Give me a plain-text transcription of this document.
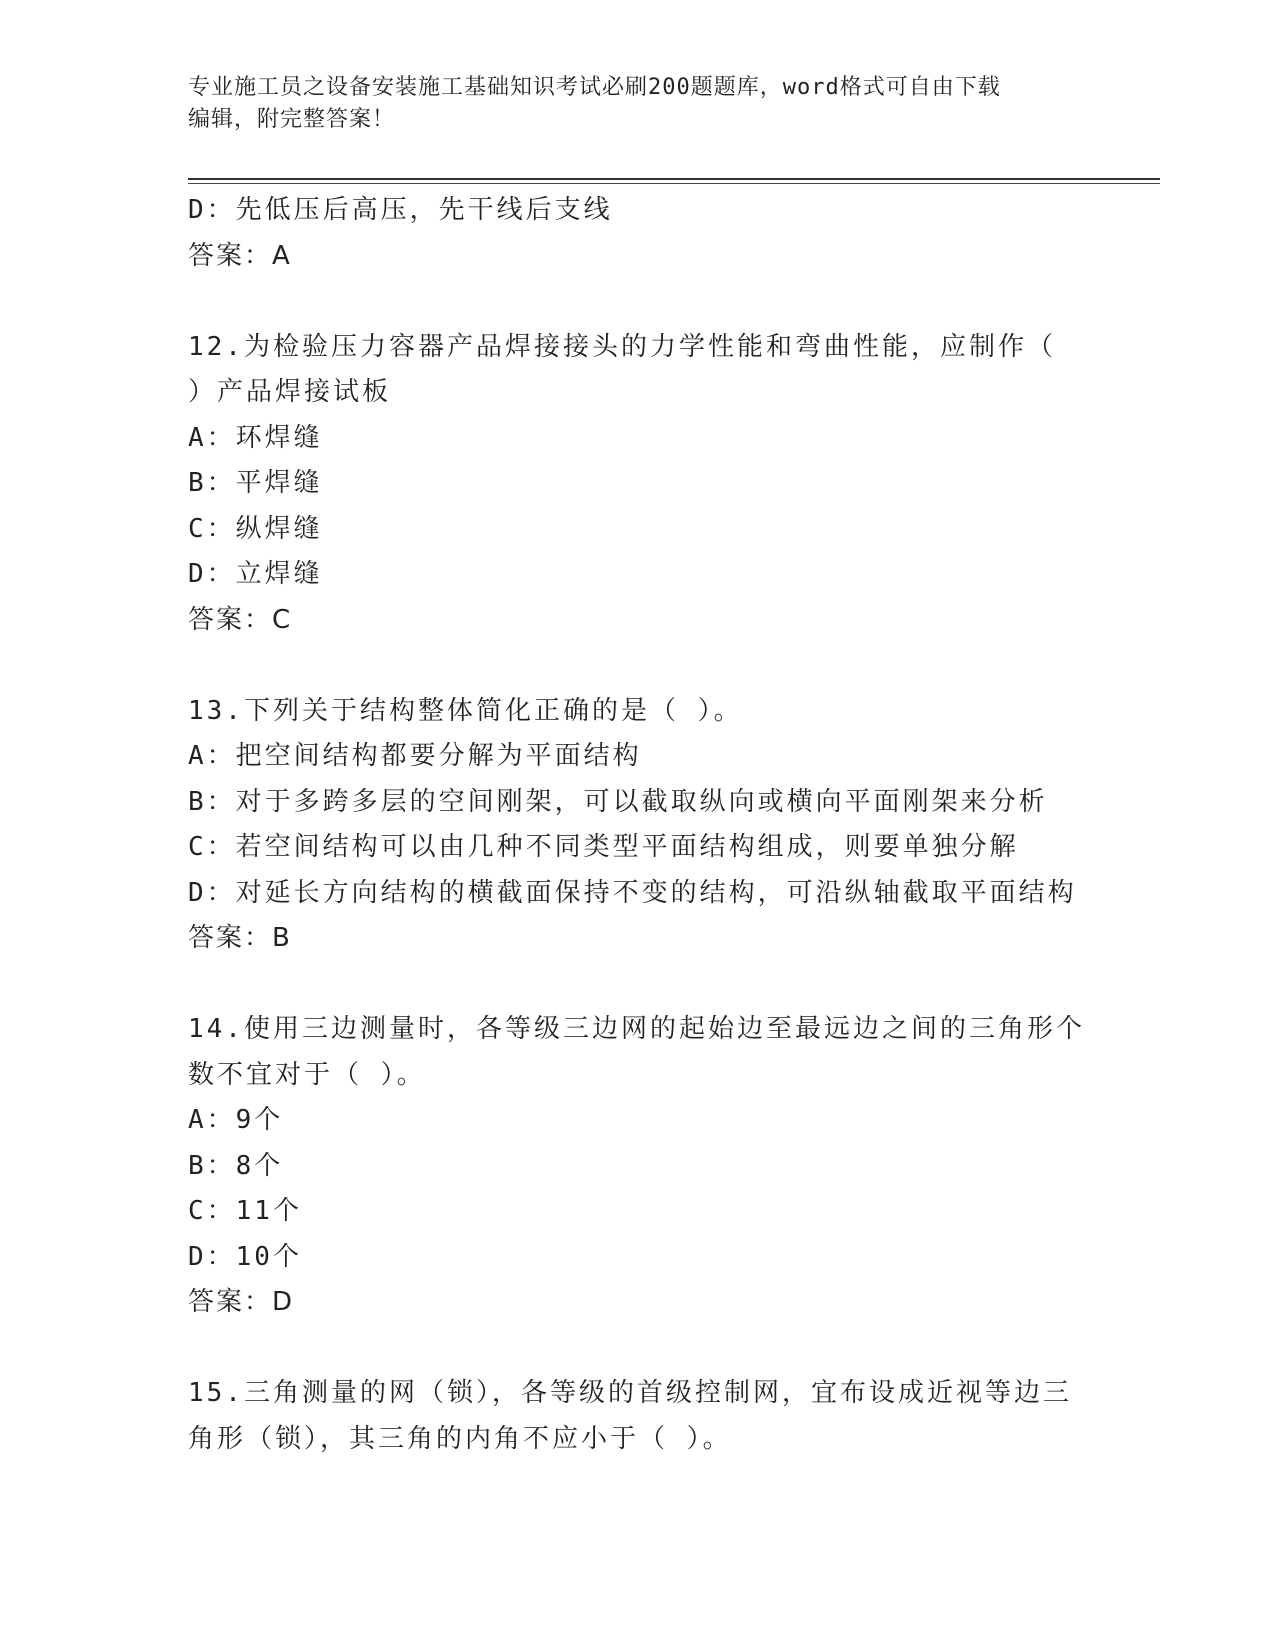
专业施工员之设备安装施工基础知识考试必刷200题题库，word格式可自由下载
编辑，附完整答案！
D：先低压后高压，先干线后支线
答案：A
12.为检验压力容器产品焊接接头的力学性能和弯曲性能，应制作（
）产品焊接试板
A：环焊缝
B：平焊缝
C：纵焊缝
D：立焊缝
答案：C
13.下列关于结构整体简化正确的是（ ）。
A：把空间结构都要分解为平面结构
B：对于多跨多层的空间刚架，可以截取纵向或横向平面刚架来分析
C：若空间结构可以由几种不同类型平面结构组成，则要单独分解
D：对延长方向结构的横截面保持不变的结构，可沿纵轴截取平面结构
答案：B
14.使用三边测量时，各等级三边网的起始边至最远边之间的三角形个
数不宜对于（ ）。
A：9个
B：8个
C：11个
D：10个
答案：D
15.三角测量的网（锁），各等级的首级控制网，宜布设成近视等边三
角形（锁），其三角的内角不应小于（ ）。
